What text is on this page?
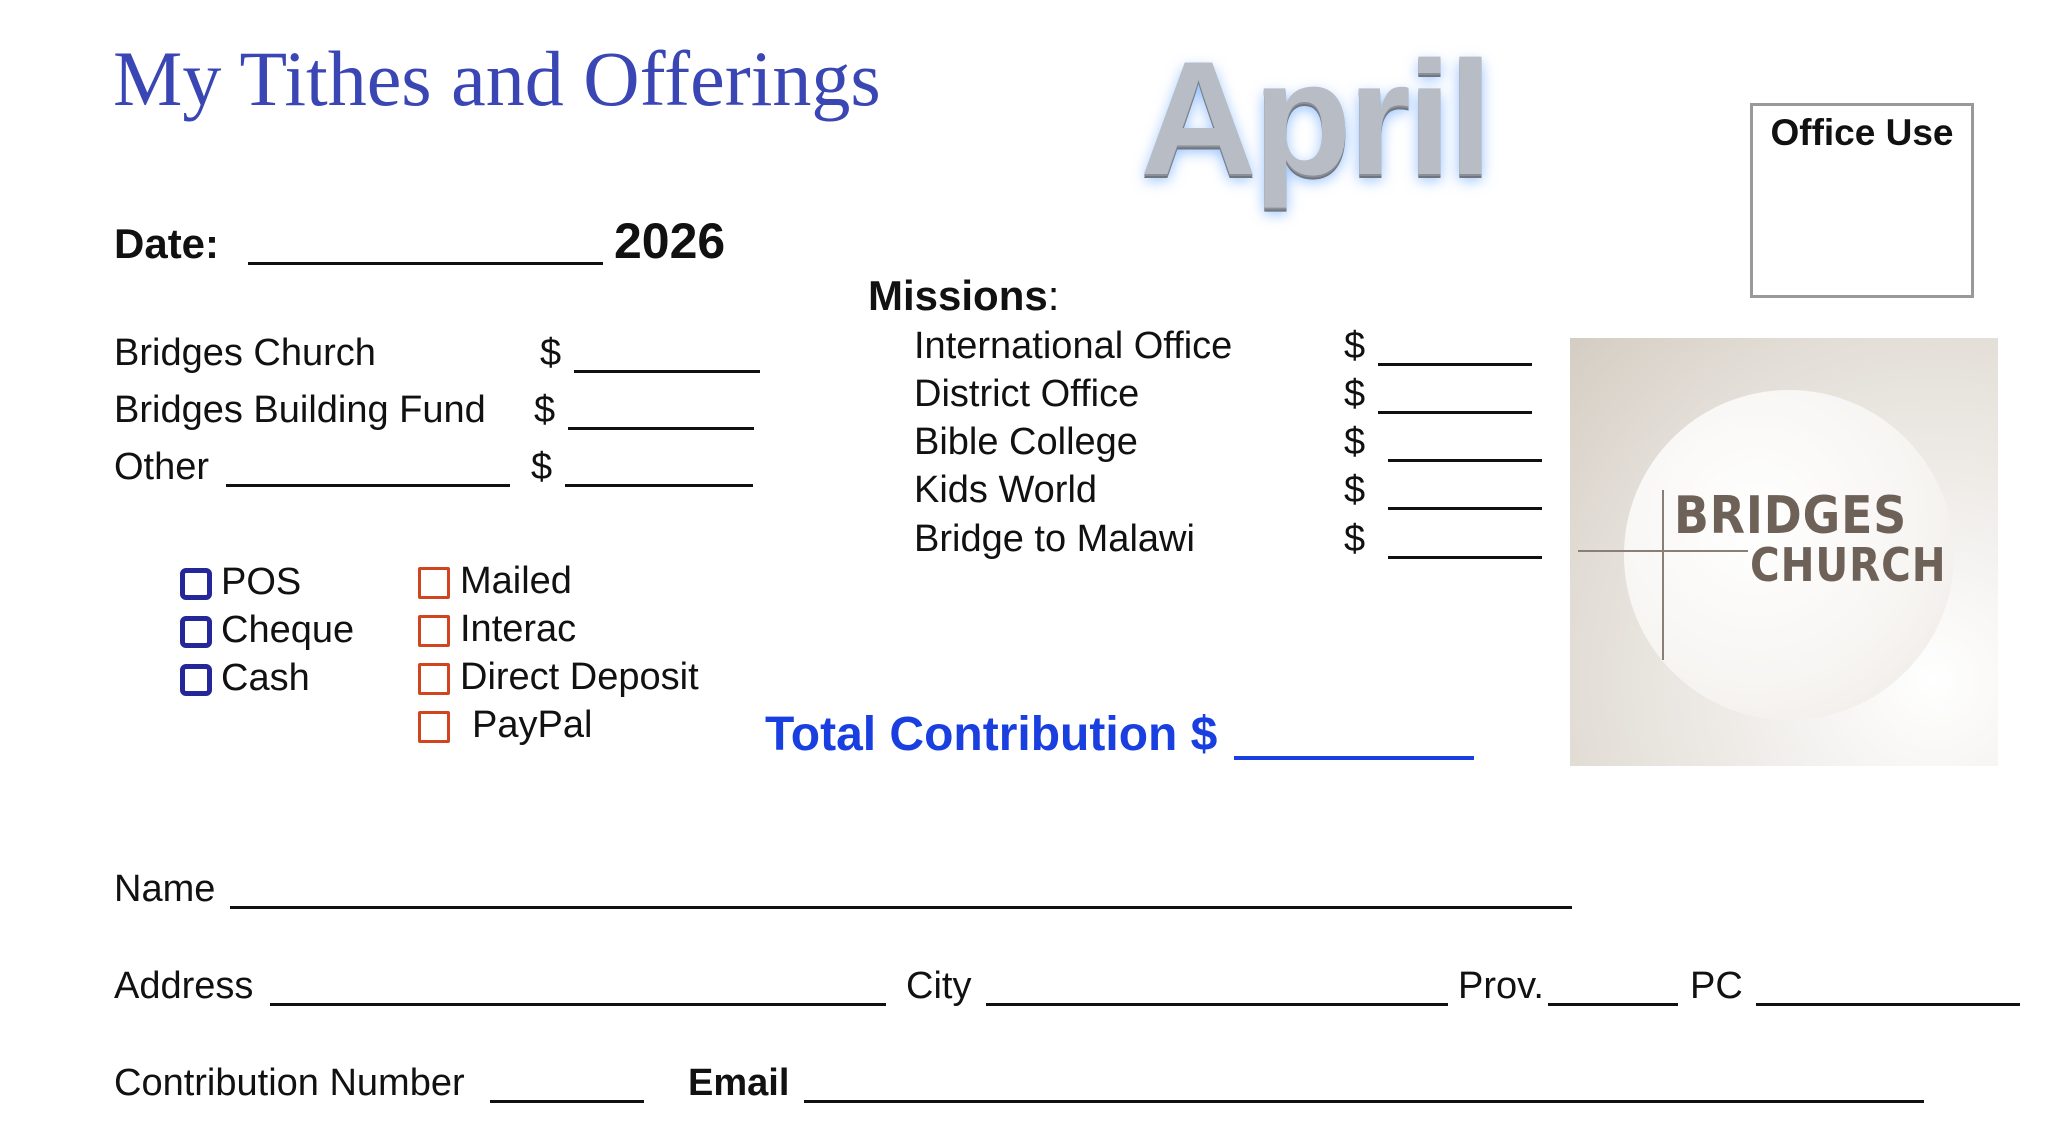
My Tithes and Offerings April	Office Use
Date:	2026
Bridges Church	$
Bridges Building Fund $
Other	$
Missions:
International Office	$
District Office	$
Bible College	$
Kids World	$
Bridge to Malawi	$
POS
Cheque
Cash
Mailed
Interac
Direct Deposit
PayPal	Total Contribution $
BRIDGES
CHURCH
Name
Address	City	Prov.	PC
Contribution Number	Email
